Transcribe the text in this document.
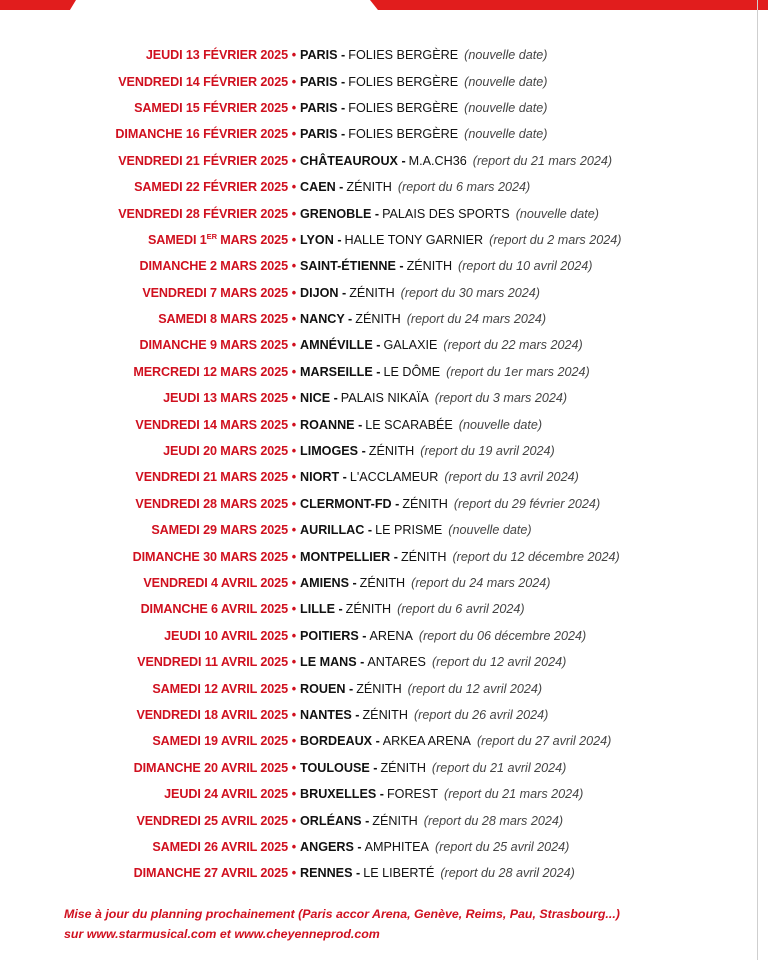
JEUDI 13 FÉVRIER 2025 • PARIS - FOLIES BERGÈRE (nouvelle date)
VENDREDI 14 FÉVRIER 2025 • PARIS - FOLIES BERGÈRE (nouvelle date)
SAMEDI 15 FÉVRIER 2025 • PARIS - FOLIES BERGÈRE (nouvelle date)
DIMANCHE 16 FÉVRIER 2025 • PARIS - FOLIES BERGÈRE (nouvelle date)
VENDREDI 21 FÉVRIER 2025 • CHÂTEAUROUX - M.A.CH36 (report du 21 mars 2024)
SAMEDI 22 FÉVRIER 2025 • CAEN - ZÉNITH (report du 6 mars 2024)
VENDREDI 28 FÉVRIER 2025 • GRENOBLE - PALAIS DES SPORTS (nouvelle date)
SAMEDI 1ER MARS 2025 • LYON - HALLE TONY GARNIER (report du 2 mars 2024)
DIMANCHE 2 MARS 2025 • SAINT-ÉTIENNE - ZÉNITH (report du 10 avril 2024)
VENDREDI 7 MARS 2025 • DIJON - ZÉNITH (report du 30 mars 2024)
SAMEDI 8 MARS 2025 • NANCY - ZÉNITH (report du 24 mars 2024)
DIMANCHE 9 MARS 2025 • AMNÉVILLE - GALAXIE (report du 22 mars 2024)
MERCREDI 12 MARS 2025 • MARSEILLE - LE DÔME (report du 1er mars 2024)
JEUDI 13 MARS 2025 • NICE - PALAIS NIKAÏA (report du 3 mars 2024)
VENDREDI 14 MARS 2025 • ROANNE - LE SCARABÉE (nouvelle date)
JEUDI 20 MARS 2025 • LIMOGES - ZÉNITH (report du 19 avril 2024)
VENDREDI 21 MARS 2025 • NIORT - L'ACCLAMEUR (report du 13 avril 2024)
VENDREDI 28 MARS 2025 • CLERMONT-FD - ZÉNITH (report du 29 février 2024)
SAMEDI 29 MARS 2025 • AURILLAC - LE PRISME (nouvelle date)
DIMANCHE 30 MARS 2025 • MONTPELLIER - ZÉNITH (report du 12 décembre 2024)
VENDREDI 4 AVRIL 2025 • AMIENS - ZÉNITH (report du 24 mars 2024)
DIMANCHE 6 AVRIL 2025 • LILLE - ZÉNITH (report du 6 avril 2024)
JEUDI 10 AVRIL 2025 • POITIERS - ARENA (report du 06 décembre 2024)
VENDREDI 11 AVRIL 2025 • LE MANS - ANTARES (report du 12 avril 2024)
SAMEDI 12 AVRIL 2025 • ROUEN - ZÉNITH (report du 12 avril 2024)
VENDREDI 18 AVRIL 2025 • NANTES - ZÉNITH (report du 26 avril 2024)
SAMEDI 19 AVRIL 2025 • BORDEAUX - ARKEA ARENA (report du 27 avril 2024)
DIMANCHE 20 AVRIL 2025 • TOULOUSE - ZÉNITH (report du 21 avril 2024)
JEUDI 24 AVRIL 2025 • BRUXELLES - FOREST (report du 21 mars 2024)
VENDREDI 25 AVRIL 2025 • ORLÉANS - ZÉNITH (report du 28 mars 2024)
SAMEDI 26 AVRIL 2025 • ANGERS - AMPHITEA (report du 25 avril 2024)
DIMANCHE 27 AVRIL 2025 • RENNES - LE LIBERTÉ (report du 28 avril 2024)
Mise à jour du planning prochainement (Paris accor Arena, Genève, Reims, Pau, Strasbourg...)
sur www.starmusical.com et www.cheyenneprod.com
